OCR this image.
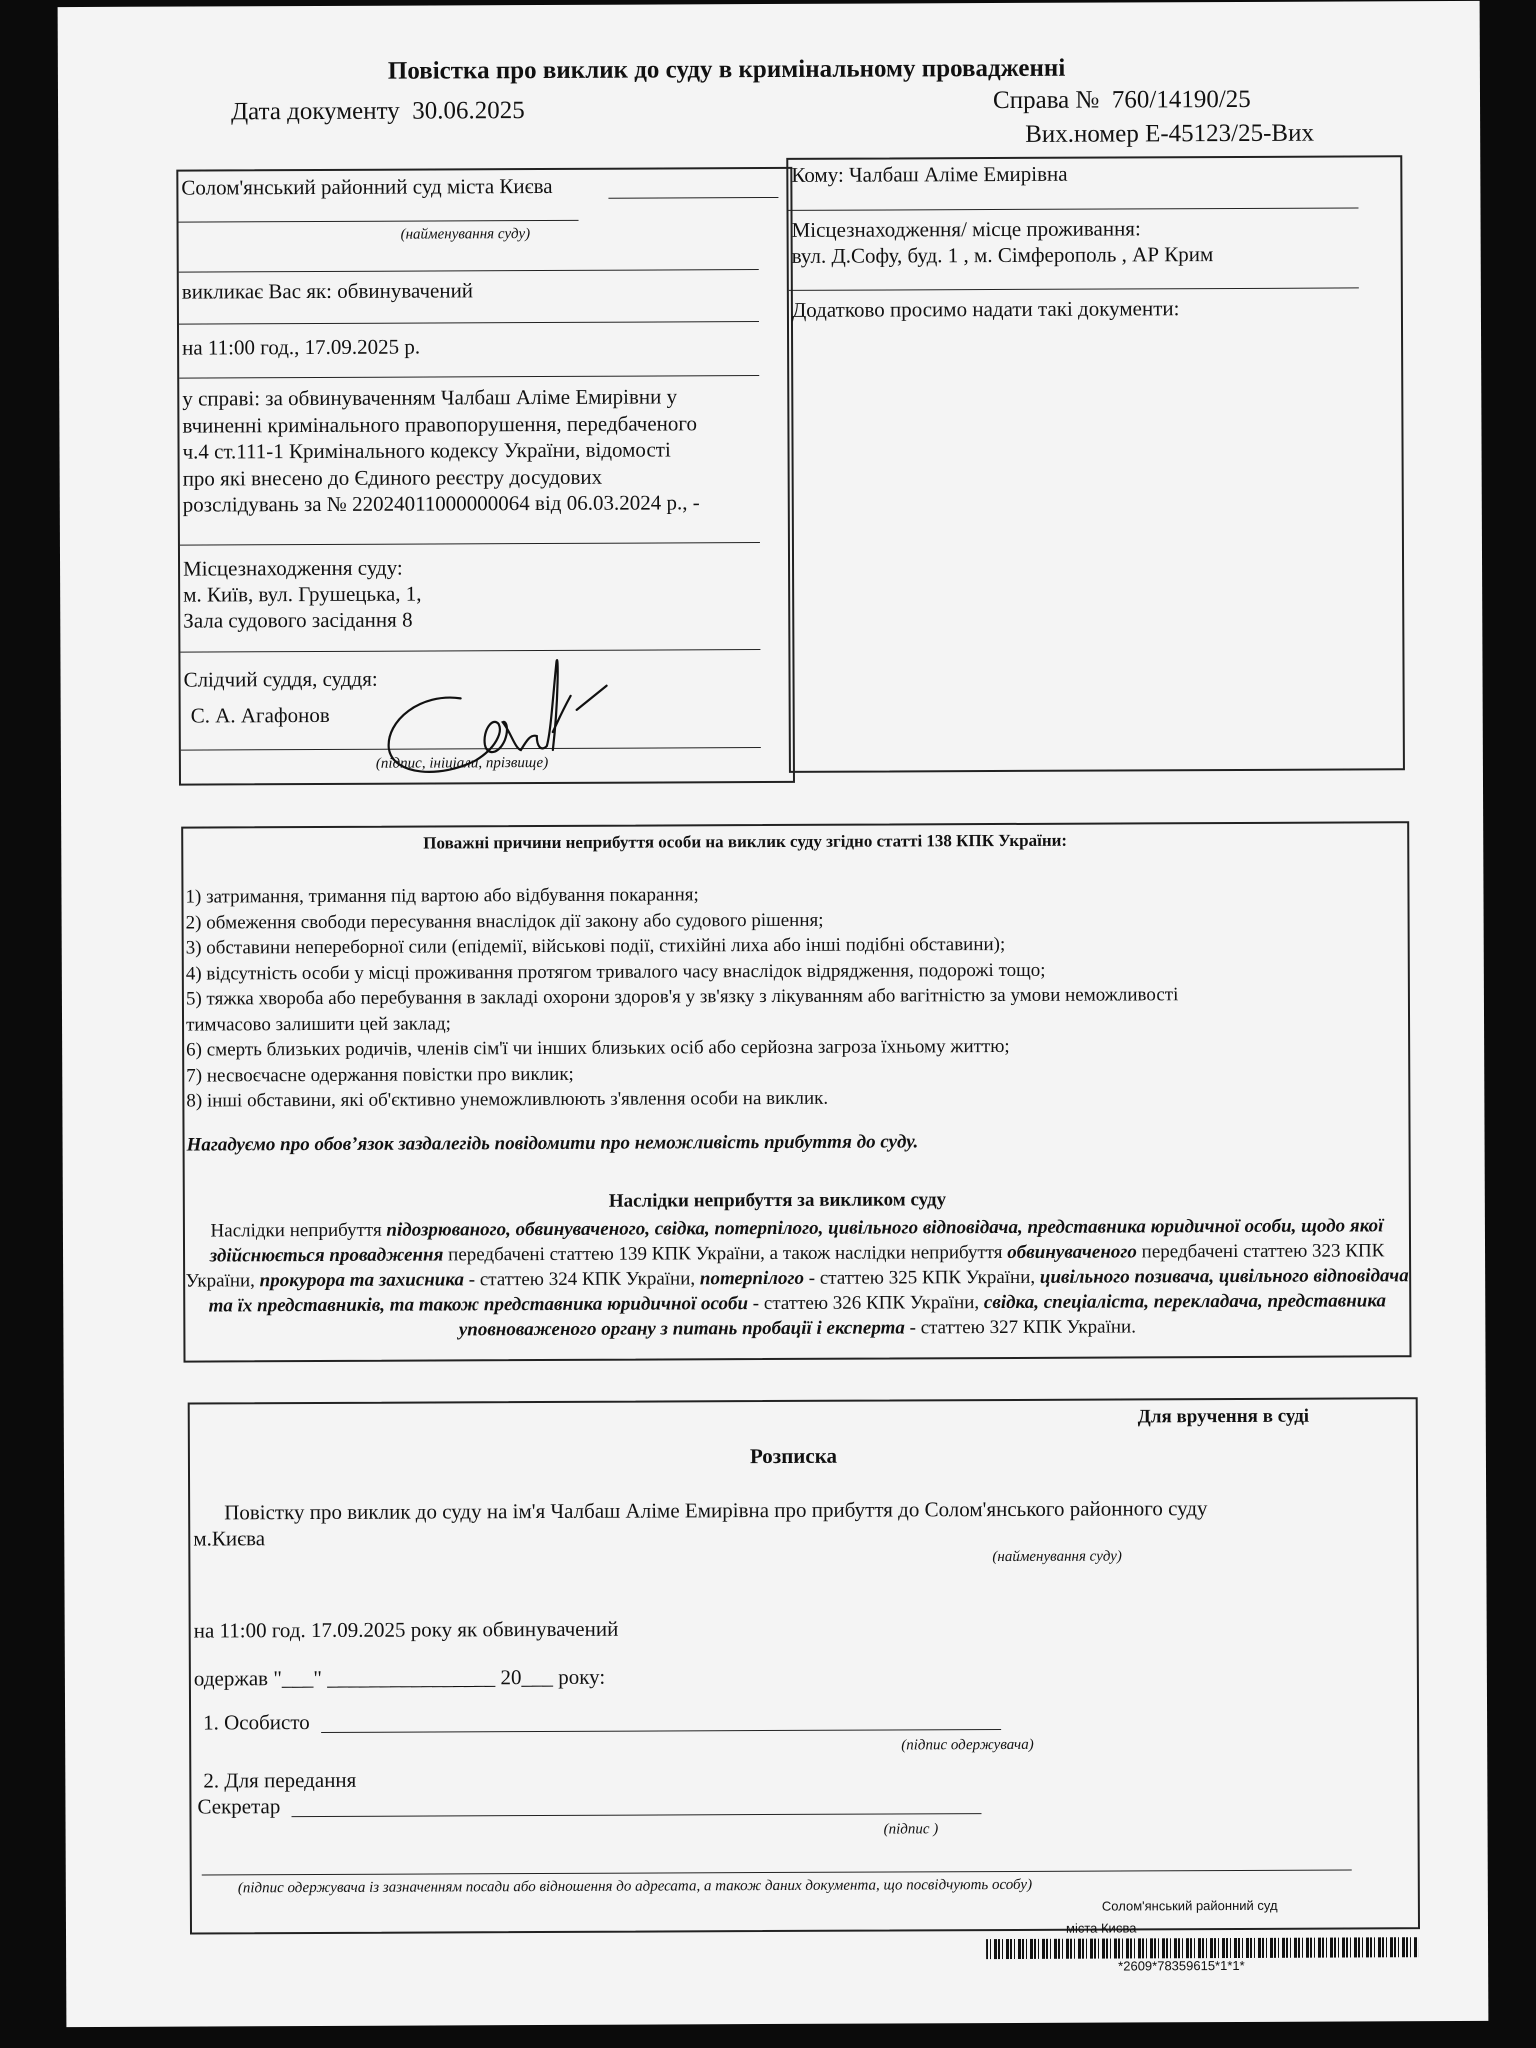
Повістка про виклик до суду в кримінальному провадженні
Дата документу 30.06.2025	Справа № 760/14190/25
Вих.номер Е-45123/25-Вих
Солом'янський районний суд міста Києва
(найменування суду)
викликає Вас як: обвинувачений
на 11:00 год., 17.09.2025 р.
у справі: за обвинуваченням Чалбаш Аліме Емирівни у
вчиненні кримінального правопорушення, передбаченого
ч.4 ст.111-1 Кримінального кодексу України, відомості
про які внесено до Єдиного реєстру досудових
розслідувань за № 22024011000000064 від 06.03.2024 р., -
Місцезнаходження суду:
м. Київ, вул. Грушецька, 1,
Зала судового засідання 8
Слідчий суддя, суддя:
С. А. Агафонов
(підпис, ініціали, прізвище)
Кому: Чалбаш Аліме Емирівна
Місцезнаходження/ місце проживання:
вул. Д.Софу, буд. 1 , м. Сімферополь , АР Крим
Додатково просимо надати такі документи:
Поважні причини неприбуття особи на виклик суду згідно статті 138 КПК України:
1) затримання, тримання під вартою або відбування покарання;
2) обмеження свободи пересування внаслідок дії закону або судового рішення;
3) обставини непереборної сили (епідемії, військові події, стихійні лиха або інші подібні обставини);
4) відсутність особи у місці проживання протягом тривалого часу внаслідок відрядження, подорожі тощо;
5) тяжка хвороба або перебування в закладі охорони здоров'я у зв'язку з лікуванням або вагітністю за умови неможливості
тимчасово залишити цей заклад;
6) смерть близьких родичів, членів сім'ї чи інших близьких осіб або серйозна загроза їхньому життю;
7) несвоєчасне одержання повістки про виклик;
8) інші обставини, які об'єктивно унеможливлюють з'явлення особи на виклик.
Нагадуємо про обов’язок заздалегідь повідомити про неможливість прибуття до суду.
Наслідки неприбуття за викликом суду
Наслідки неприбуття підозрюваного, обвинуваченого, свідка, потерпілого, цивільного відповідача, представника юридичної особи, щодо якої здійснюється провадження передбачені статтею 139 КПК України, а також наслідки неприбуття обвинуваченого передбачені статтею 323 КПК України, прокурора та захисника - статтею 324 КПК України, потерпілого - статтею 325 КПК України, цивільного позивача, цивільного відповідача та їх представників, та також представника юридичної особи - статтею 326 КПК України, свідка, спеціаліста, перекладача, представника уповноваженого органу з питань пробації і експерта - статтею 327 КПК України.
Для вручення в суді
Розписка
Повістку про виклик до суду на ім'я Чалбаш Аліме Емирівна про прибуття до Солом'янського районного суду
м.Києва
(найменування суду)
на 11:00 год. 17.09.2025 року як обвинувачений
одержав "___" ________________ 20___ року:
1. Особисто
(підпис одержувача)
2. Для передання
Секретар
(підпис )
(підпис одержувача із зазначенням посади або відношення до адресата, а також даних документа, що посвідчують особу)
Солом'янський районний суд
міста Києва
*2609*78359615*1*1*
